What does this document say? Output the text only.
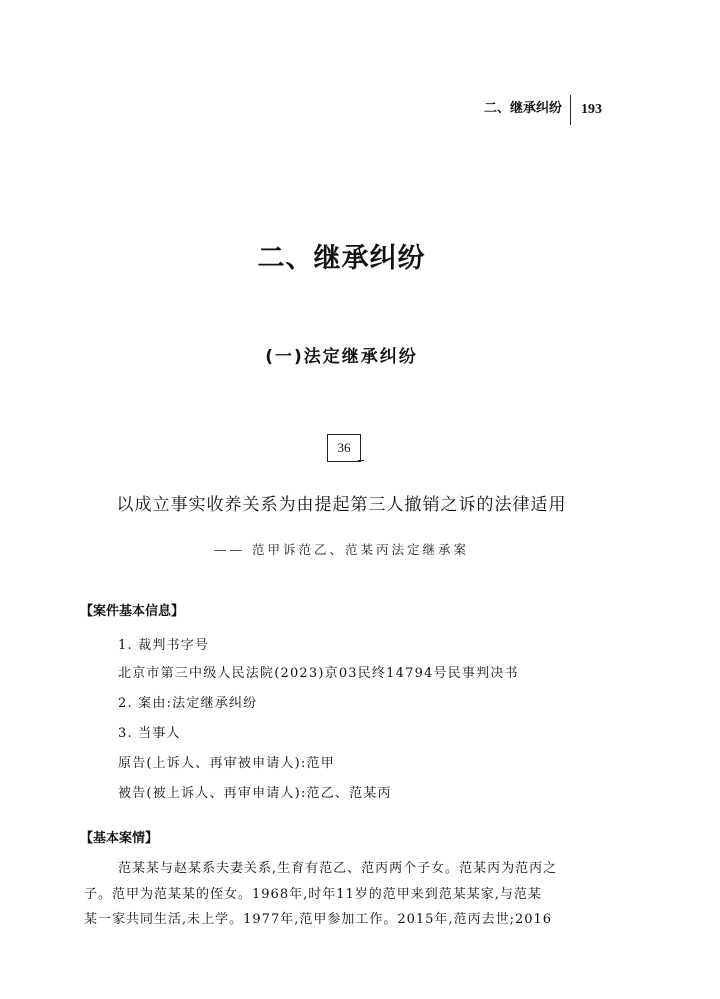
二、继承纠纷	193
二、继承纠纷
(一)法定继承纠纷
36
以成立事实收养关系为由提起第三人撤销之诉的法律适用
—— 范甲诉范乙、范某丙法定继承案
【案件基本信息】
1. 裁判书字号
北京市第三中级人民法院(2023)京03民终14794号民事判决书
2. 案由:法定继承纠纷
3. 当事人
原告(上诉人、再审被申请人):范甲
被告(被上诉人、再审申请人):范乙、范某丙
【基本案情】
范某某与赵某系夫妻关系,生育有范乙、范丙两个子女。范某丙为范丙之
子。范甲为范某某的侄女。1968年,时年11岁的范甲来到范某某家,与范某
某一家共同生活,未上学。1977年,范甲参加工作。2015年,范丙去世;2016
